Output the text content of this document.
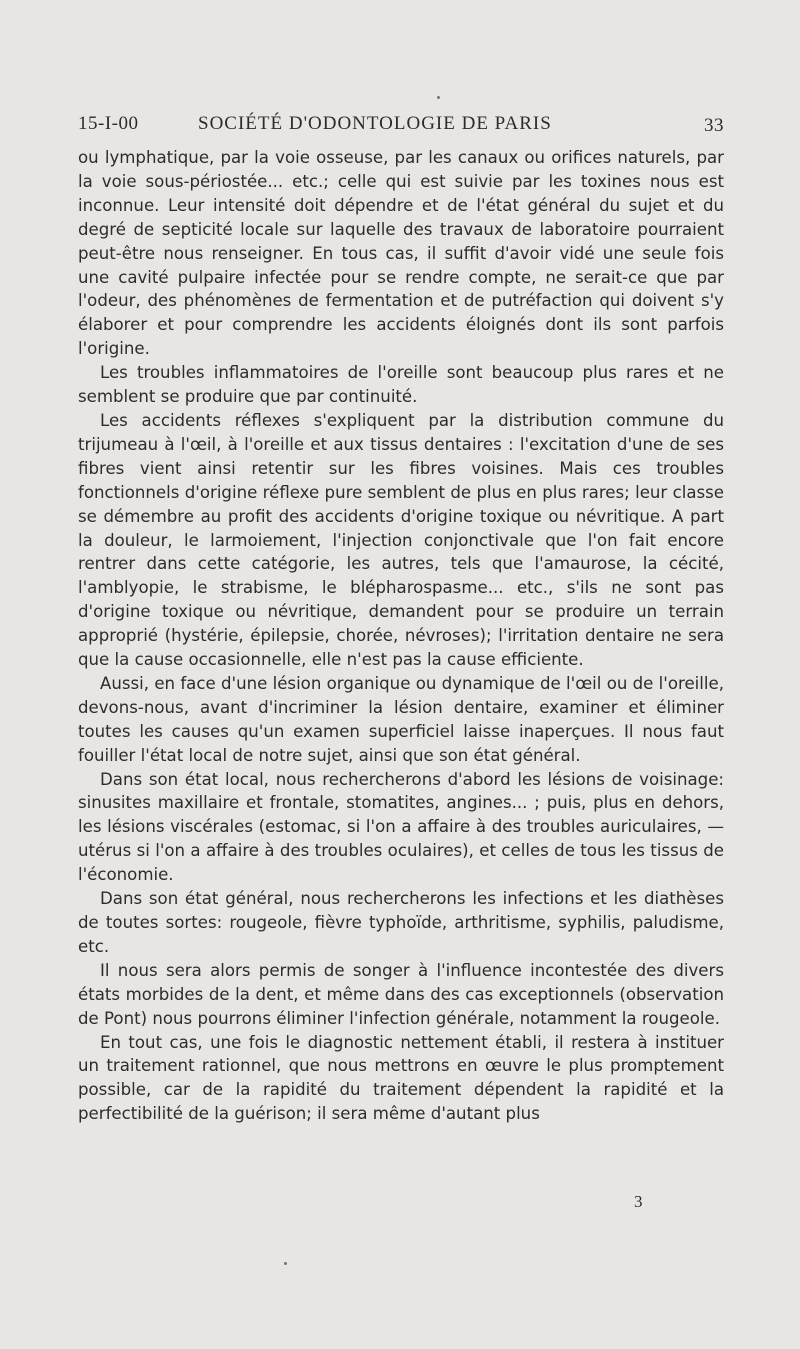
15-I-00	SOCIÉTÉ D'ODONTOLOGIE DE PARIS	33

ou lymphatique, par la voie osseuse, par les canaux ou orifices naturels, par la voie sous-périostée... etc.; celle qui est suivie par les toxines nous est inconnue. Leur intensité doit dépendre et de l'état général du sujet et du degré de septicité locale sur laquelle des travaux de laboratoire pourraient peut-être nous renseigner. En tous cas, il suffit d'avoir vidé une seule fois une cavité pulpaire infectée pour se rendre compte, ne serait-ce que par l'odeur, des phénomènes de fermentation et de putréfaction qui doivent s'y élaborer et pour comprendre les accidents éloignés dont ils sont parfois l'origine.

Les troubles inflammatoires de l'oreille sont beaucoup plus rares et ne semblent se produire que par continuité.

Les accidents réflexes s'expliquent par la distribution commune du trijumeau à l'œil, à l'oreille et aux tissus dentaires : l'excitation d'une de ses fibres vient ainsi retentir sur les fibres voisines. Mais ces troubles fonctionnels d'origine réflexe pure semblent de plus en plus rares; leur classe se démembre au profit des accidents d'origine toxique ou névritique. A part la douleur, le larmoiement, l'injection conjonctivale que l'on fait encore rentrer dans cette catégorie, les autres, tels que l'amaurose, la cécité, l'amblyopie, le strabisme, le blépharospasme... etc., s'ils ne sont pas d'origine toxique ou névritique, demandent pour se produire un terrain approprié (hystérie, épilepsie, chorée, névroses); l'irritation dentaire ne sera que la cause occasionnelle, elle n'est pas la cause efficiente.

Aussi, en face d'une lésion organique ou dynamique de l'œil ou de l'oreille, devons-nous, avant d'incriminer la lésion dentaire, examiner et éliminer toutes les causes qu'un examen superficiel laisse inaperçues. Il nous faut fouiller l'état local de notre sujet, ainsi que son état général.

Dans son état local, nous rechercherons d'abord les lésions de voisinage: sinusites maxillaire et frontale, stomatites, angines... ; puis, plus en dehors, les lésions viscérales (estomac, si l'on a affaire à des troubles auriculaires, — utérus si l'on a affaire à des troubles oculaires), et celles de tous les tissus de l'économie.

Dans son état général, nous rechercherons les infections et les diathèses de toutes sortes: rougeole, fièvre typhoïde, arthritisme, syphilis, paludisme, etc.

Il nous sera alors permis de songer à l'influence incontestée des divers états morbides de la dent, et même dans des cas exceptionnels (observation de Pont) nous pourrons éliminer l'infection générale, notamment la rougeole.

En tout cas, une fois le diagnostic nettement établi, il restera à instituer un traitement rationnel, que nous mettrons en œuvre le plus promptement possible, car de la rapidité du traitement dépendent la rapidité et la perfectibilité de la guérison; il sera même d'autant plus

3
